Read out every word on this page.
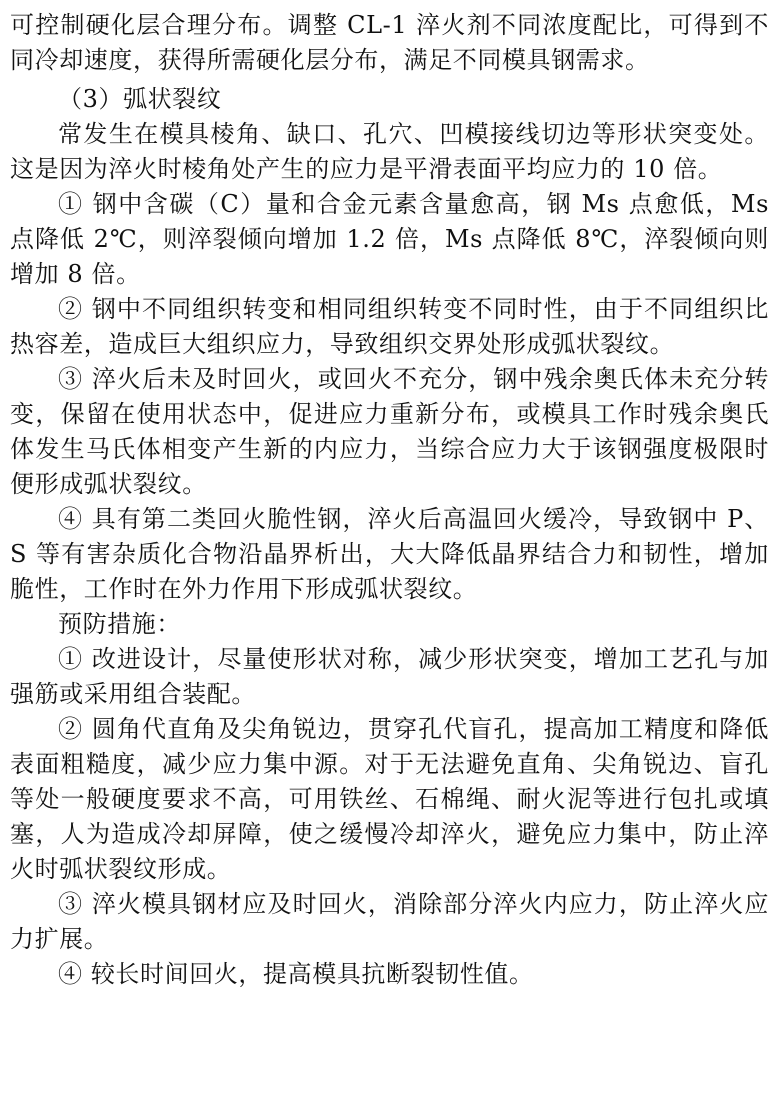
可控制硬化层合理分布。调整 CL-1 淬火剂不同浓度配比，可得到不同冷却速度，获得所需硬化层分布，满足不同模具钢需求。

（3）弧状裂纹

常发生在模具棱角、缺口、孔穴、凹模接线切边等形状突变处。这是因为淬火时棱角处产生的应力是平滑表面平均应力的 10 倍。

① 钢中含碳（C）量和合金元素含量愈高，钢 Ms 点愈低，Ms 点降低 2℃，则淬裂倾向增加 1.2 倍，Ms 点降低 8℃，淬裂倾向则增加 8 倍。

② 钢中不同组织转变和相同组织转变不同时性，由于不同组织比热容差，造成巨大组织应力，导致组织交界处形成弧状裂纹。

③ 淬火后未及时回火，或回火不充分，钢中残余奥氏体未充分转变，保留在使用状态中，促进应力重新分布，或模具工作时残余奥氏体发生马氏体相变产生新的内应力，当综合应力大于该钢强度极限时便形成弧状裂纹。

④ 具有第二类回火脆性钢，淬火后高温回火缓冷，导致钢中 P、S 等有害杂质化合物沿晶界析出，大大降低晶界结合力和韧性，增加脆性，工作时在外力作用下形成弧状裂纹。

预防措施：

① 改进设计，尽量使形状对称，减少形状突变，增加工艺孔与加强筋或采用组合装配。

② 圆角代直角及尖角锐边，贯穿孔代盲孔，提高加工精度和降低表面粗糙度，减少应力集中源。对于无法避免直角、尖角锐边、盲孔等处一般硬度要求不高，可用铁丝、石棉绳、耐火泥等进行包扎或填塞，人为造成冷却屏障，使之缓慢冷却淬火，避免应力集中，防止淬火时弧状裂纹形成。

③ 淬火模具钢材应及时回火，消除部分淬火内应力，防止淬火应力扩展。

④ 较长时间回火，提高模具抗断裂韧性值。
